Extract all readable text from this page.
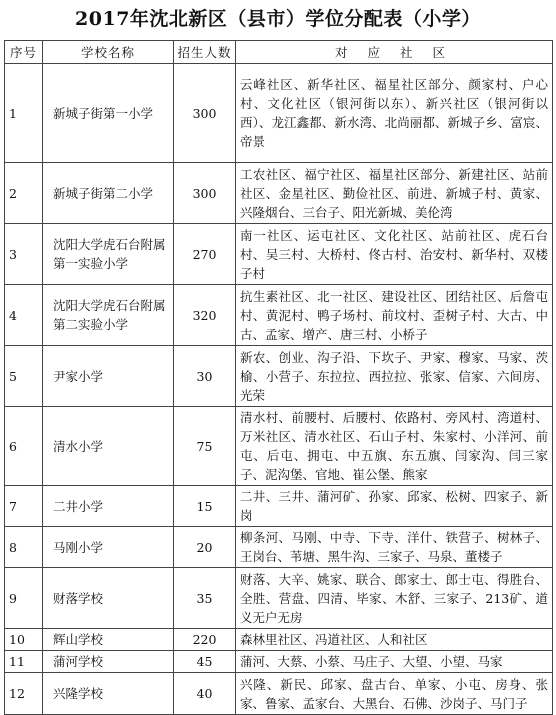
2017年沈北新区（县市）学位分配表（小学）
序号	学校名称	招生人数	对 应 社 区
1	新城子街第一小学	300	云峰社区、新华社区、福星社区部分、颜家村、户心村、文化社区（银河街以东）、新兴社区（银河街以西）、龙江鑫都、新水湾、北尚丽都、新城子乡、富宸、帝景
2	新城子街第二小学	300	工农社区、福宁社区、福星社区部分、新建社区、站前社区、金星社区、勤俭社区、前进、新城子村、黄家、兴隆烟台、三台子、阳光新城、美伦湾
3	沈阳大学虎石台附属第一实验小学	270	南一社区、运屯社区、文化社区、站前社区、虎石台村、吴三村、大桥村、佟古村、治安村、新华村、双楼子村
4	沈阳大学虎石台附属第二实验小学	320	抗生素社区、北一社区、建设社区、团结社区、后詹屯村、黄泥村、鸭子场村、前坟村、歪树子村、大古、中古、孟家、增产、唐三村、小桥子
5	尹家小学	30	新农、创业、沟子沿、下坎子、尹家、穆家、马家、茨榆、小营子、东拉拉、西拉拉、张家、信家、六间房、光荣
6	清水小学	75	清水村、前腰村、后腰村、依路村、旁风村、湾道村、万米社区、清水社区、石山子村、朱家村、小洋河、前屯、后屯、拥屯、中五旗、东五旗、闫家沟、闫三家子、泥沟堡、官地、崔公堡、熊家
7	二井小学	15	二井、三井、蒲河矿、孙家、邱家、松树、四家子、新岗
8	马刚小学	20	柳条河、马刚、中寺、下寺、洋什、铁营子、树林子、王岗台、苇塘、黑牛沟、三家子、马泉、董楼子
9	财落学校	35	财落、大辛、姚家、联合、郎家士、郎士屯、得胜台、全胜、营盘、四清、毕家、木舒、三家子、213矿、道义无户无房
10	辉山学校	220	森林里社区、冯道社区、人和社区
11	蒲河学校	45	蒲河、大蔡、小蔡、马庄子、大望、小望、马家
12	兴隆学校	40	兴隆、新民、邱家、盘古台、单家、小屯、房身、张家、鲁家、孟家台、大黑台、石佛、沙岗子、马门子
